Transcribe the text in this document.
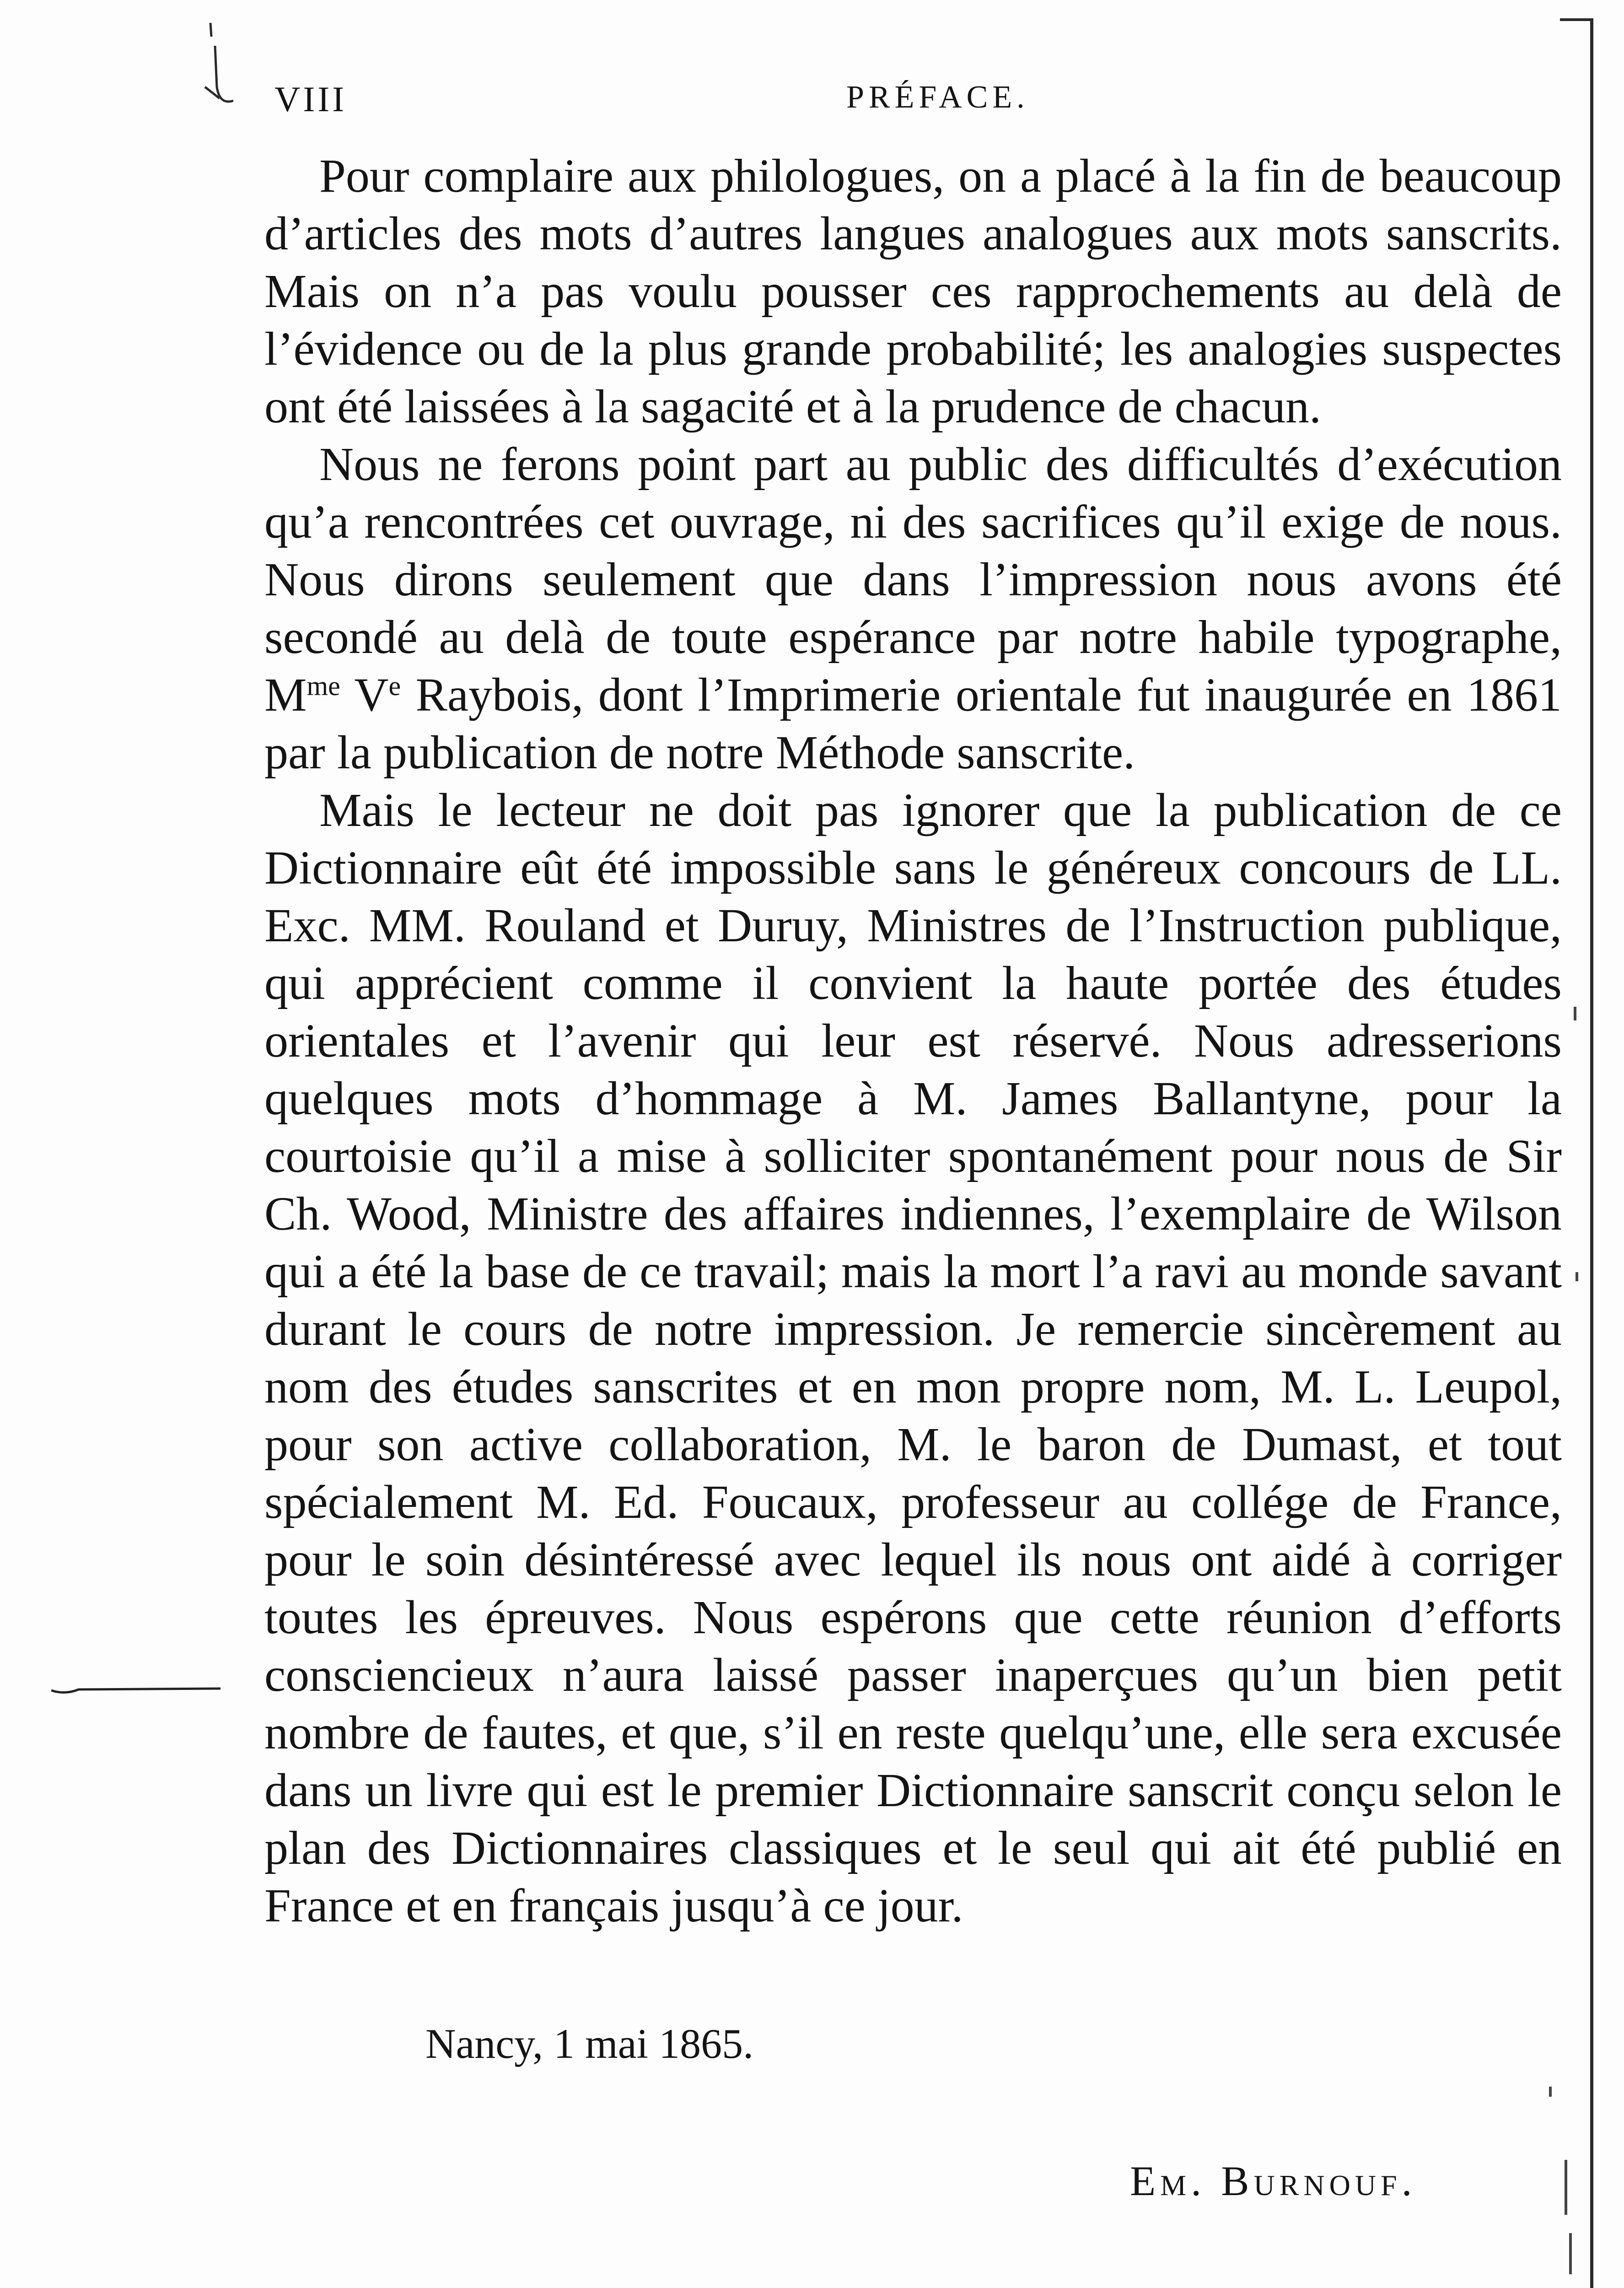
VIII	PRÉFACE.

Pour complaire aux philologues, on a placé à la fin de beaucoup d’articles des mots d’autres langues analogues aux mots sanscrits. Mais on n’a pas voulu pousser ces rapprochements au delà de l’évidence ou de la plus grande probabilité; les analogies suspectes ont été laissées à la sagacité et à la prudence de chacun.

Nous ne ferons point part au public des difficultés d’exécution qu’a rencontrées cet ouvrage, ni des sacrifices qu’il exige de nous. Nous dirons seulement que dans l’impression nous avons été secondé au delà de toute espérance par notre habile typographe, $M^{me}$ Ve Raybois, dont l’Imprimerie orientale fut inaugurée en 1861 par la publication de notre Méthode sanscrite.

Mais le lecteur ne doit pas ignorer que la publication de ce Dictionnaire eût été impossible sans le généreux concours de LL. Exc. MM. Rouland et Duruy, Ministres de l’Instruction publique, qui apprécient comme il convient la haute portée des études orientales et l’avenir qui leur est réservé. Nous adresserions quelques mots d’hommage à M. James Ballantyne, pour la courtoisie qu’il a mise à solliciter spontanément pour nous de Sir Ch. Wood, Ministre des affaires indiennes, l’exemplaire de Wilson qui a été la base de ce travail; mais la mort l’a ravi au monde savant durant le cours de notre impression. Je remercie sincèrement au nom des études sanscrites et en mon propre nom, M. L. Leupol, pour son active collaboration, M. le baron de Dumast, et tout spécialement M. Ed. Foucaux, professeur au collége de France, pour le soin désintéressé avec lequel ils nous ont aidé à corriger toutes les épreuves. Nous espérons que cette réunion d’efforts consciencieux n’aura laissé passer inaperçues qu’un bien petit nombre de fautes, et que, s’il en reste quelqu’une, elle sera excusée dans un livre qui est le premier Dictionnaire sanscrit conçu selon le plan des Dictionnaires classiques et le seul qui ait été publié en France et en français jusqu’à ce jour.

Nancy, 1 mai 1865.
Em. Burnouf.
